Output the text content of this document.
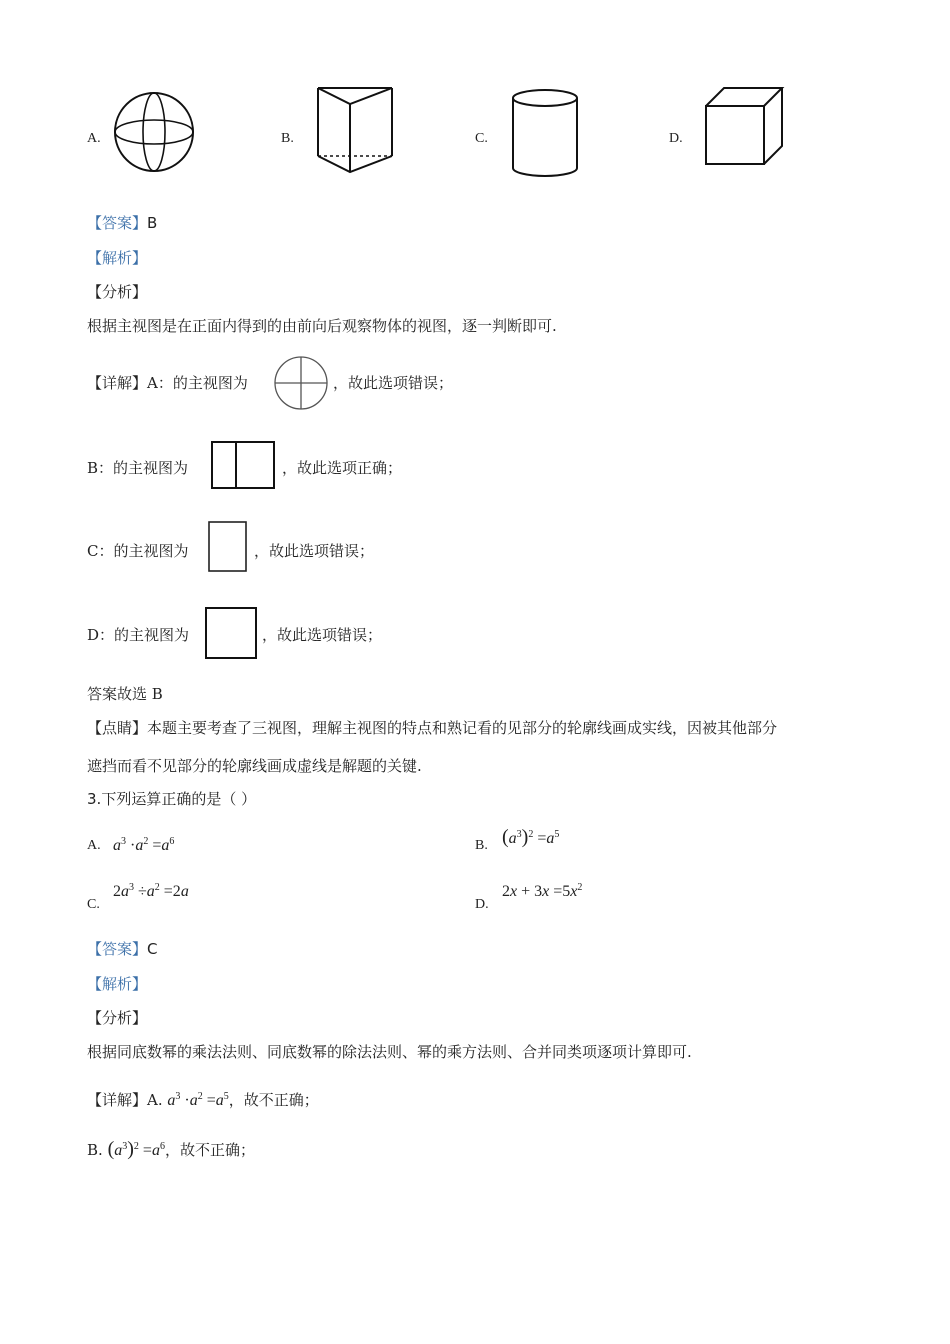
A.	B.	C.	D.
【答案】B
【解析】
【分析】
根据主视图是在正面内得到的由前向后观察物体的视图，逐一判断即可.
【详解】A：的主视图为	，故此选项错误；
B：的主视图为	，故此选项正确；
C：的主视图为	，故此选项错误；
D：的主视图为	，故此选项错误；
答案故选 B
【点睛】本题主要考查了三视图，理解主视图的特点和熟记看的见部分的轮廓线画成实线，因被其他部分
遮挡而看不见部分的轮廓线画成虚线是解题的关键.
3.下列运算正确的是（ ）
A. $a^3 \cdot a^2 =a^6$	B. $(a^3)^2 =a^5$
C.
$2a^3 \div a^2 =2a$
D.
$2x + 3x =5x^2$
【答案】C
【解析】
【分析】
根据同底数幂的乘法法则、同底数幂的除法法则、幂的乘方法则、合并同类项逐项计算即可.
【详解】A. $a^3 \cdot a^2 =a^5$，故不正确；
B. $(a^3)^2 =a^6$，故不正确；
